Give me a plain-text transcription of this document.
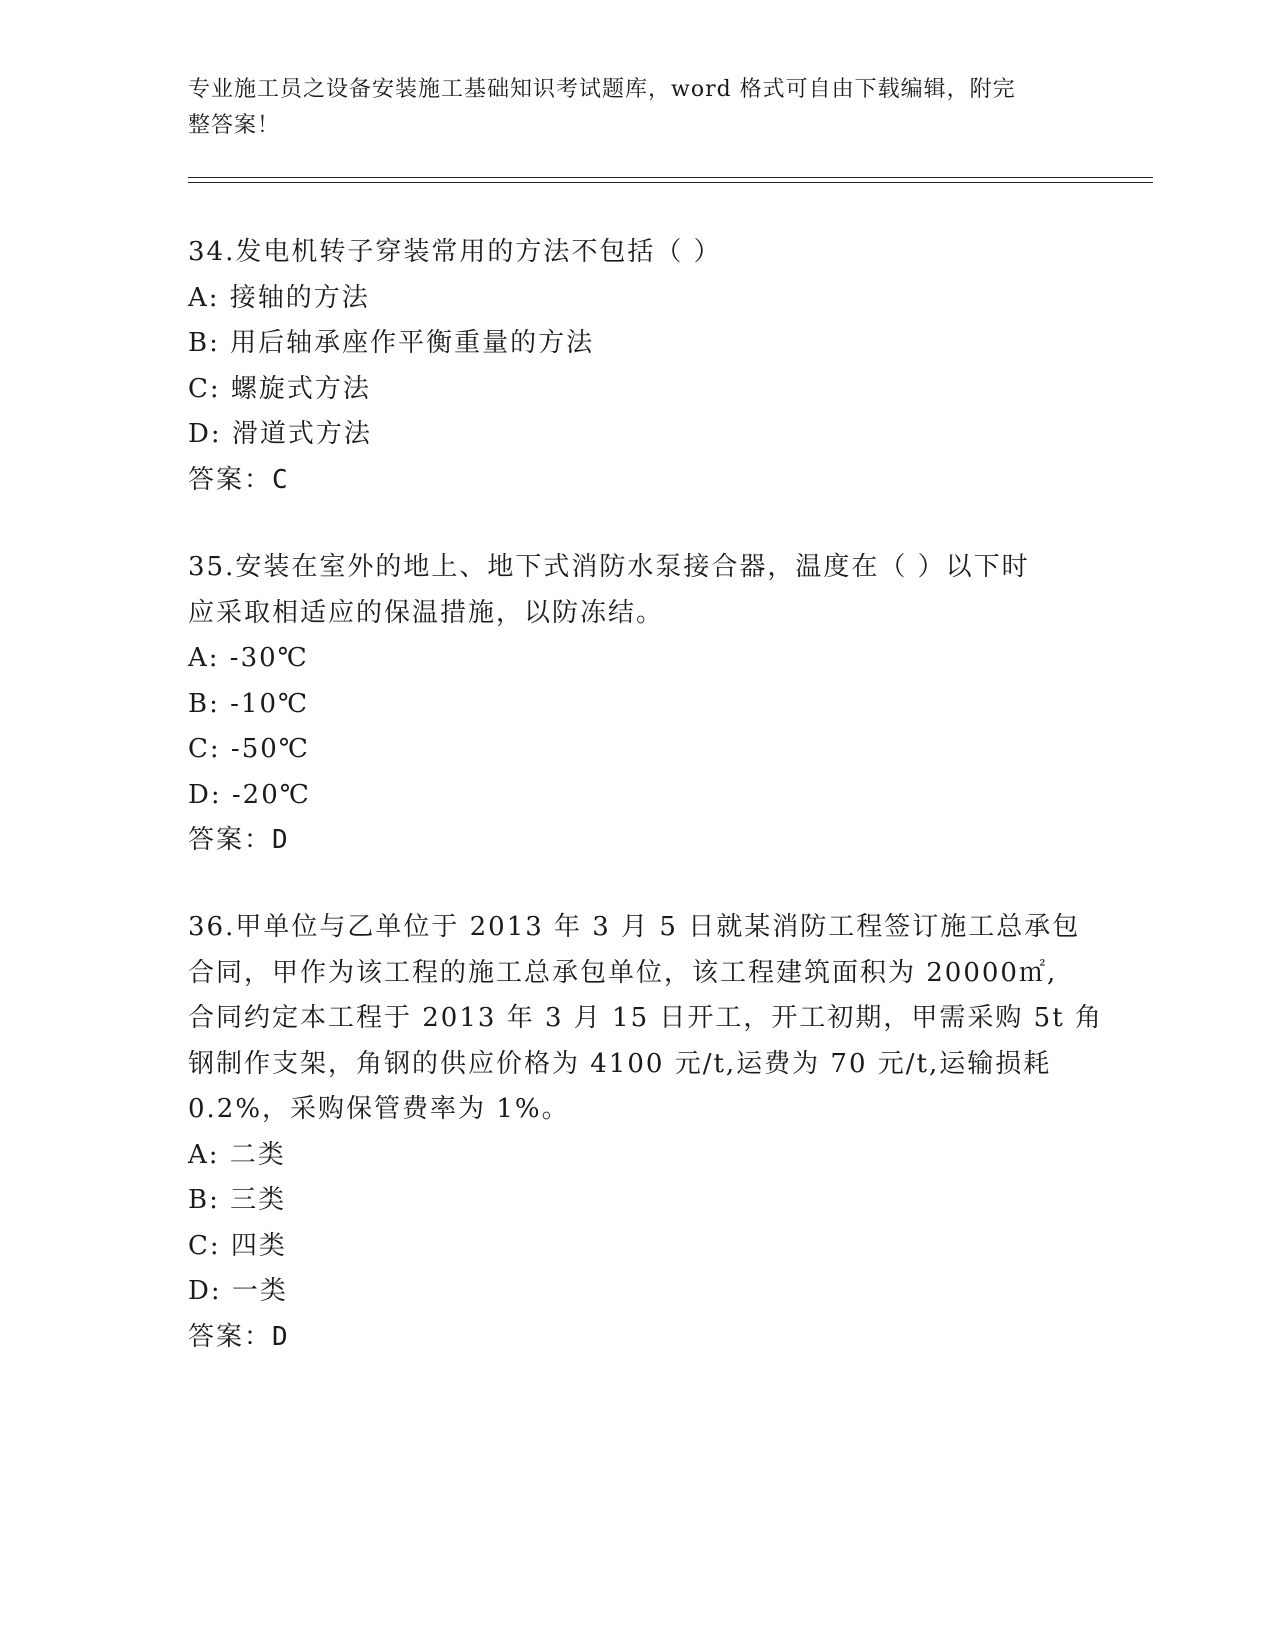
专业施工员之设备安装施工基础知识考试题库，word 格式可自由下载编辑，附完
整答案！
34.发电机转子穿装常用的方法不包括（ ）
A: 接轴的方法
B: 用后轴承座作平衡重量的方法
C: 螺旋式方法
D: 滑道式方法
答案：C
35.安装在室外的地上、地下式消防水泵接合器，温度在（ ）以下时
应采取相适应的保温措施，以防冻结。
A: -30℃
B: -10℃
C: -50℃
D: -20℃
答案：D
36.甲单位与乙单位于 2013 年 3 月 5 日就某消防工程签订施工总承包
合同，甲作为该工程的施工总承包单位，该工程建筑面积为 20000㎡,
合同约定本工程于 2013 年 3 月 15 日开工，开工初期，甲需采购 5t 角
钢制作支架，角钢的供应价格为 4100 元/t,运费为 70 元/t,运输损耗
0.2%，采购保管费率为 1%。
A: 二类
B: 三类
C: 四类
D: 一类
答案：D
